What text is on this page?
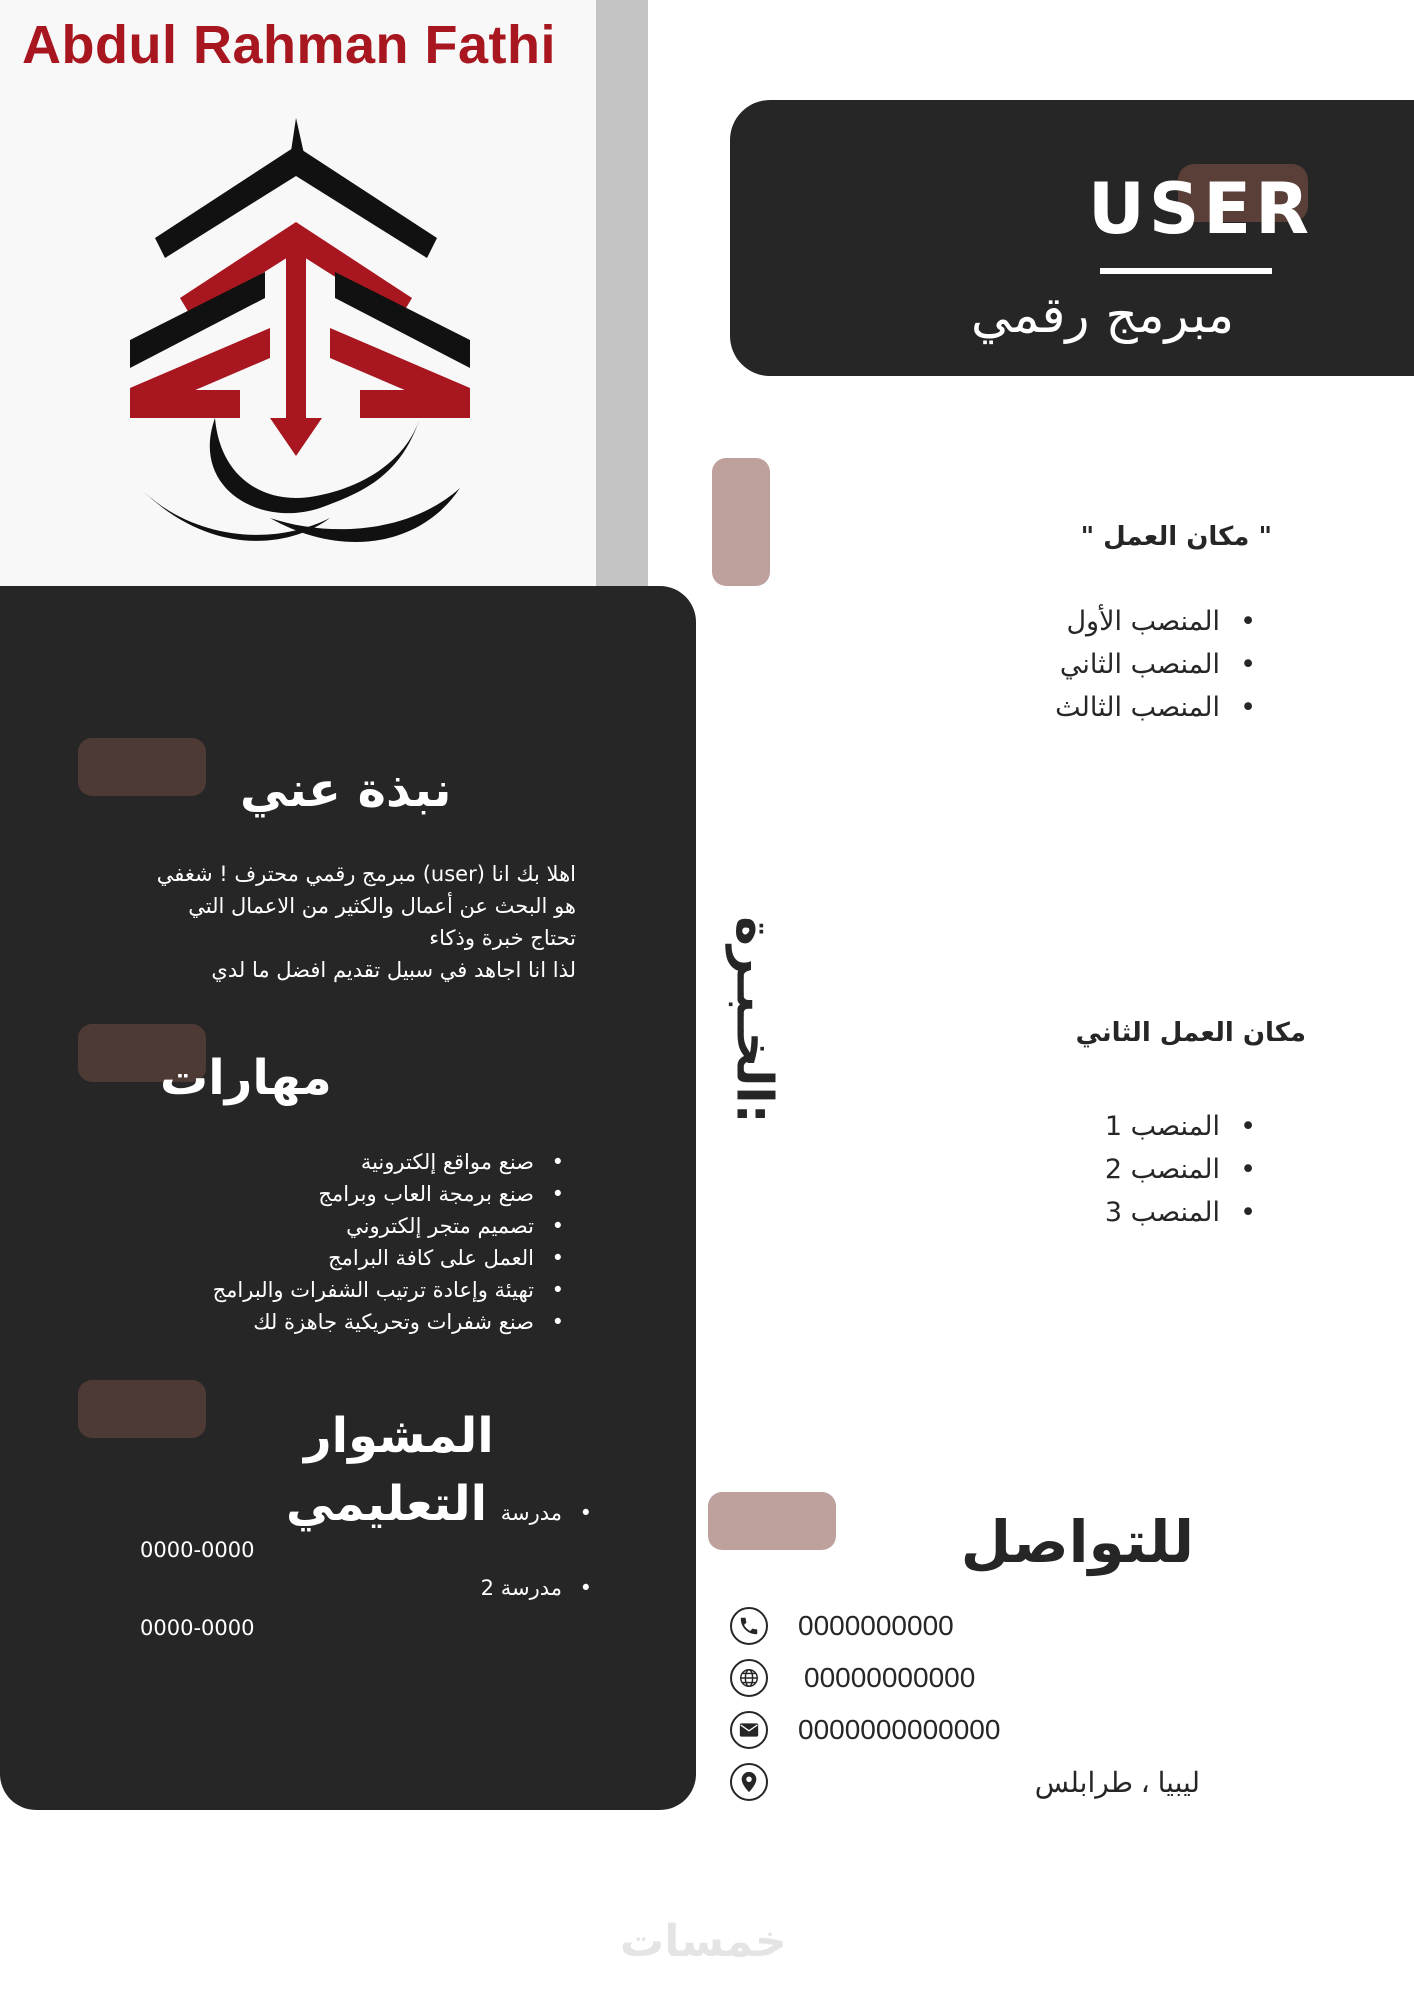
Abdul Rahman Fathi
نبذة عني
اهلا بك انا (user) مبرمج رقمي محترف ! شغفي
هو البحث عن أعمال والكثير من الاعمال التي
تحتاج خبرة وذكاء
لذا انا اجاهد في سبيل تقديم افضل ما لدي
مهارات
• صنع مواقع إلكترونية
• صنع برمجة العاب وبرامج
• تصميم متجر إلكتروني
• العمل على كافة البرامج
• تهيئة وإعادة ترتيب الشفرات والبرامج
• صنع شفرات وتحريكية جاهزة لك
المشوار
التعليمي
• مدرسة
0000-0000
• مدرسة 2
0000-0000
USER
مبرمج رقمي
الخـبـرة:
" مكان العمل "
• المنصب الأول
• المنصب الثاني
• المنصب الثالث
مكان العمل الثاني
• المنصب 1
• المنصب 2
• المنصب 3
للتواصل
0000000000
00000000000
0000000000000
ليبيا ، طرابلس
خمسات
